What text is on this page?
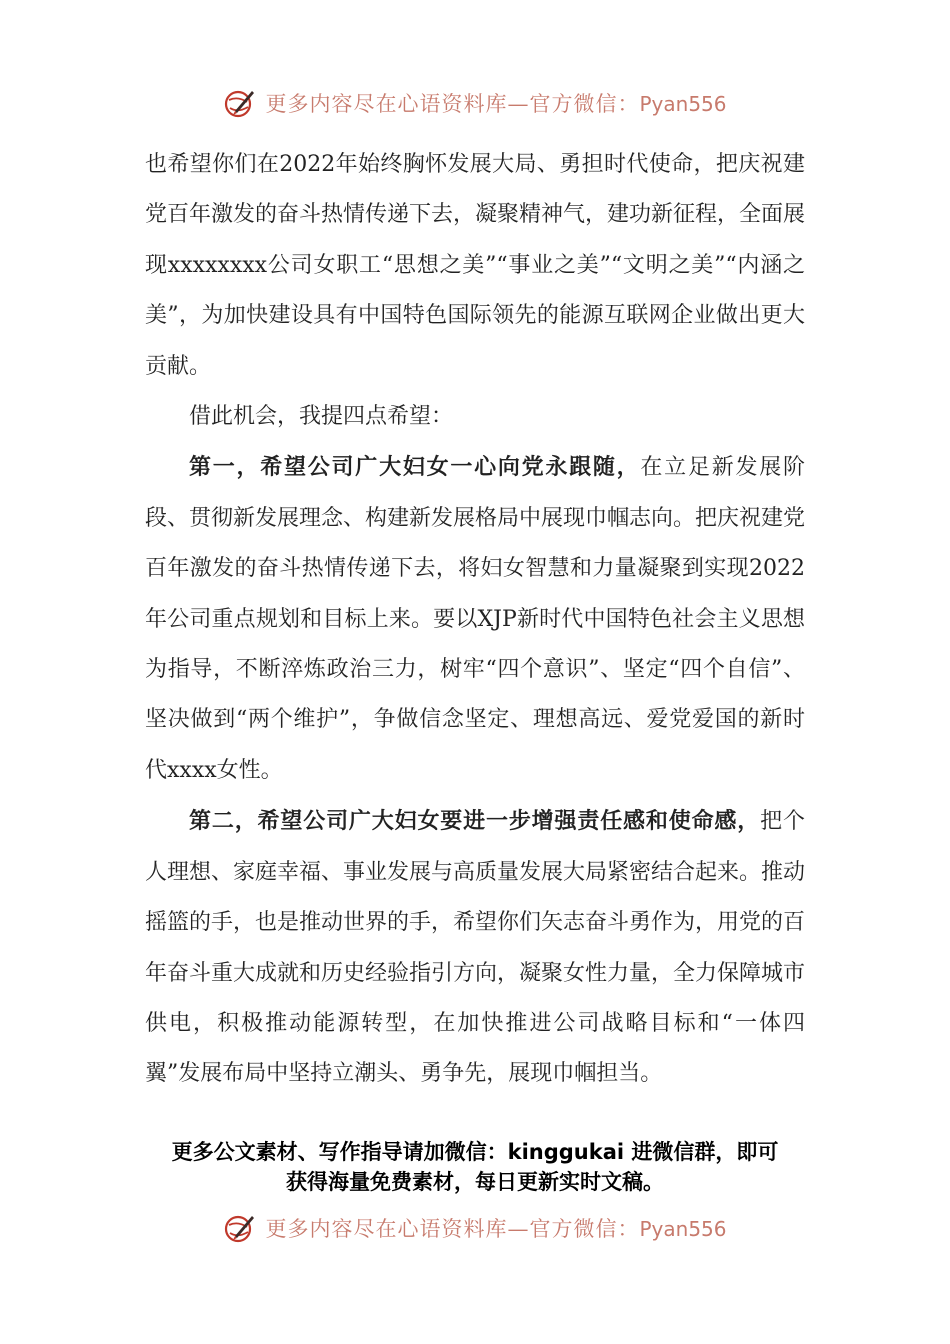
更多内容尽在心语资料库—官方微信：Pyan556

也希望你们在2022年始终胸怀发展大局、勇担时代使命，把庆祝建党百年激发的奋斗热情传递下去，凝聚精神气，建功新征程，全面展现xxxxxxxx公司女职工“思想之美”“事业之美”“文明之美”“内涵之美”，为加快建设具有中国特色国际领先的能源互联网企业做出更大贡献。

借此机会，我提四点希望：

第一，希望公司广大妇女一心向党永跟随，在立足新发展阶段、贯彻新发展理念、构建新发展格局中展现巾帼志向。把庆祝建党百年激发的奋斗热情传递下去，将妇女智慧和力量凝聚到实现2022年公司重点规划和目标上来。要以XJP新时代中国特色社会主义思想为指导，不断淬炼政治三力，树牢“四个意识”、坚定“四个自信”、坚决做到“两个维护”，争做信念坚定、理想高远、爱党爱国的新时代xxxx女性。

第二，希望公司广大妇女要进一步增强责任感和使命感，把个人理想、家庭幸福、事业发展与高质量发展大局紧密结合起来。推动摇篮的手，也是推动世界的手，希望你们矢志奋斗勇作为，用党的百年奋斗重大成就和历史经验指引方向，凝聚女性力量，全力保障城市供电，积极推动能源转型，在加快推进公司战略目标和“一体四翼”发展布局中坚持立潮头、勇争先，展现巾帼担当。

更多公文素材、写作指导请加微信：kinggukai 进微信群，即可
获得海量免费素材，每日更新实时文稿。

更多内容尽在心语资料库—官方微信：Pyan556
